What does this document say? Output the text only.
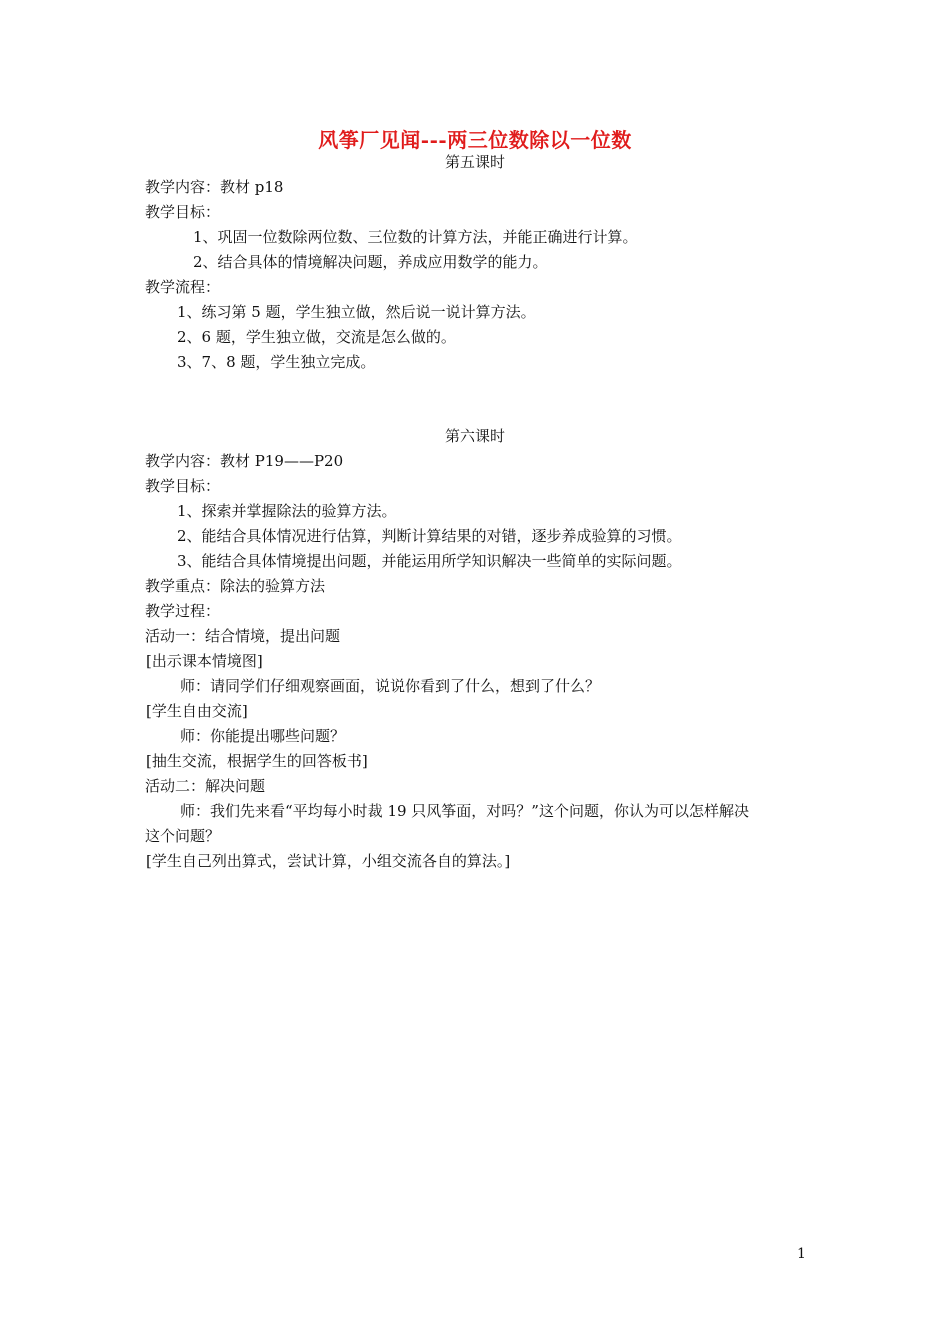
风筝厂见闻---两三位数除以一位数
第五课时
教学内容：教材 p18
教学目标：
1、巩固一位数除两位数、三位数的计算方法，并能正确进行计算。
2、结合具体的情境解决问题，养成应用数学的能力。
教学流程：
1、练习第 5 题，学生独立做，然后说一说计算方法。
2、6 题，学生独立做，交流是怎么做的。
3、7、8 题，学生独立完成。
第六课时
教学内容：教材 P19——P20
教学目标：
1、探索并掌握除法的验算方法。
2、能结合具体情况进行估算，判断计算结果的对错，逐步养成验算的习惯。
3、能结合具体情境提出问题，并能运用所学知识解决一些简单的实际问题。
教学重点：除法的验算方法
教学过程：
活动一：结合情境，提出问题
[出示课本情境图]
师：请同学们仔细观察画面，说说你看到了什么，想到了什么？
[学生自由交流]
师：你能提出哪些问题？
[抽生交流，根据学生的回答板书]
活动二：解决问题
师：我们先来看“平均每小时裁 19 只风筝面，对吗？”这个问题，你认为可以怎样解决
这个问题？
[学生自己列出算式，尝试计算，小组交流各自的算法。]
1
